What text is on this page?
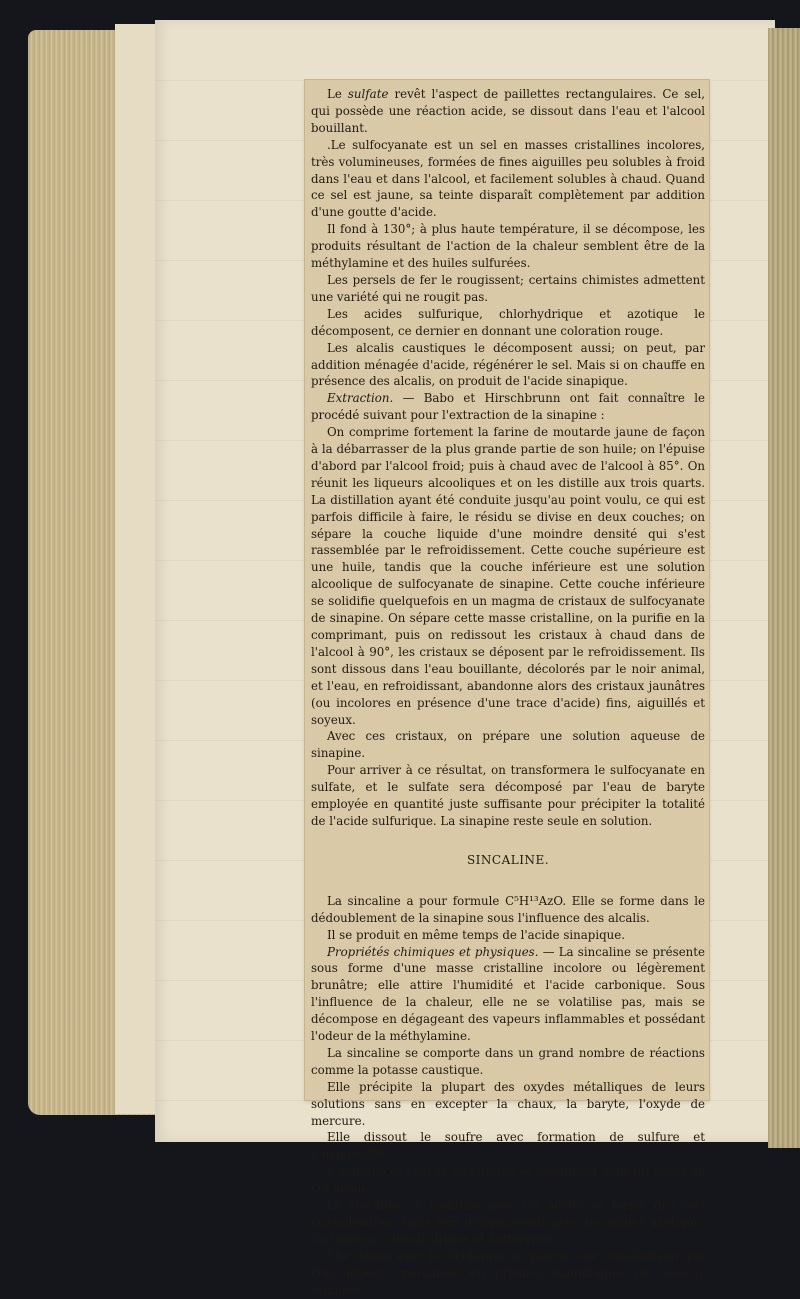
Le sulfate revêt l'aspect de paillettes rectangulaires. Ce sel, qui possède une réaction acide, se dissout dans l'eau et l'alcool bouillant.

.Le sulfocyanate est un sel en masses cristallines incolores, très volumineuses, formées de fines aiguilles peu solubles à froid dans l'eau et dans l'alcool, et facilement solubles à chaud. Quand ce sel est jaune, sa teinte disparaît complètement par addition d'une goutte d'acide.

Il fond à 130°; à plus haute température, il se décompose, les produits résultant de l'action de la chaleur semblent être de la méthylamine et des huiles sulfurées.

Les persels de fer le rougissent; certains chimistes admettent une variété qui ne rougit pas.

Les acides sulfurique, chlorhydrique et azotique le décomposent, ce dernier en donnant une coloration rouge.

Les alcalis caustiques le décomposent aussi; on peut, par addition ménagée d'acide, régénérer le sel. Mais si on chauffe en présence des alcalis, on produit de l'acide sinapique.

Extraction. — Babo et Hirschbrunn ont fait connaître le procédé suivant pour l'extraction de la sinapine :

On comprime fortement la farine de moutarde jaune de façon à la débarrasser de la plus grande partie de son huile; on l'épuise d'abord par l'alcool froid; puis à chaud avec de l'alcool à 85°. On réunit les liqueurs alcooliques et on les distille aux trois quarts. La distillation ayant été conduite jusqu'au point voulu, ce qui est parfois difficile à faire, le résidu se divise en deux couches; on sépare la couche liquide d'une moindre densité qui s'est rassemblée par le refroidissement. Cette couche supérieure est une huile, tandis que la couche inférieure est une solution alcoolique de sulfocyanate de sinapine. Cette couche inférieure se solidifie quelquefois en un magma de cristaux de sulfocyanate de sinapine. On sépare cette masse cristalline, on la purifie en la comprimant, puis on redissout les cristaux à chaud dans de l'alcool à 90°, les cristaux se déposent par le refroidissement. Ils sont dissous dans l'eau bouillante, décolorés par le noir animal, et l'eau, en refroidissant, abandonne alors des cristaux jaunâtres (ou incolores en présence d'une trace d'acide) fins, aiguillés et soyeux.

Avec ces cristaux, on prépare une solution aqueuse de sinapine.

Pour arriver à ce résultat, on transformera le sulfocyanate en sulfate, et le sulfate sera décomposé par l'eau de baryte employée en quantité juste suffisante pour précipiter la totalité de l'acide sulfurique. La sinapine reste seule en solution.

SINCALINE.

La sincaline a pour formule C⁵H¹³AzO. Elle se forme dans le dédoublement de la sinapine sous l'influence des alcalis.

Il se produit en même temps de l'acide sinapique.

Propriétés chimiques et physiques. — La sincaline se présente sous forme d'une masse cristalline incolore ou légèrement brunâtre; elle attire l'humidité et l'acide carbonique. Sous l'influence de la chaleur, elle ne se volatilise pas, mais se décompose en dégageant des vapeurs inflammables et possédant l'odeur de la méthylamine.

La sincaline se comporte dans un grand nombre de réactions comme la potasse caustique.

Elle précipite la plupart des oxydes métalliques de leurs solutions sans en excepter la chaux, la baryte, l'oxyde de mercure.

Elle dissout le soufre avec formation de sulfure et d'hyposulfite.

L'alumine et l'oxyde de chrome se dissolvent dans un excès de cet alcali.

La sincaline se combine avec les acides et forme des sels cristallisables, mais très déliquescents avec les acides azotique, carbonique, chlorhydrique et sulfurique.

Elle donne avec le bichlorure de platine une combinaison que l'on obtient cristallisée en prismes magnifiques de couleur orangée.
